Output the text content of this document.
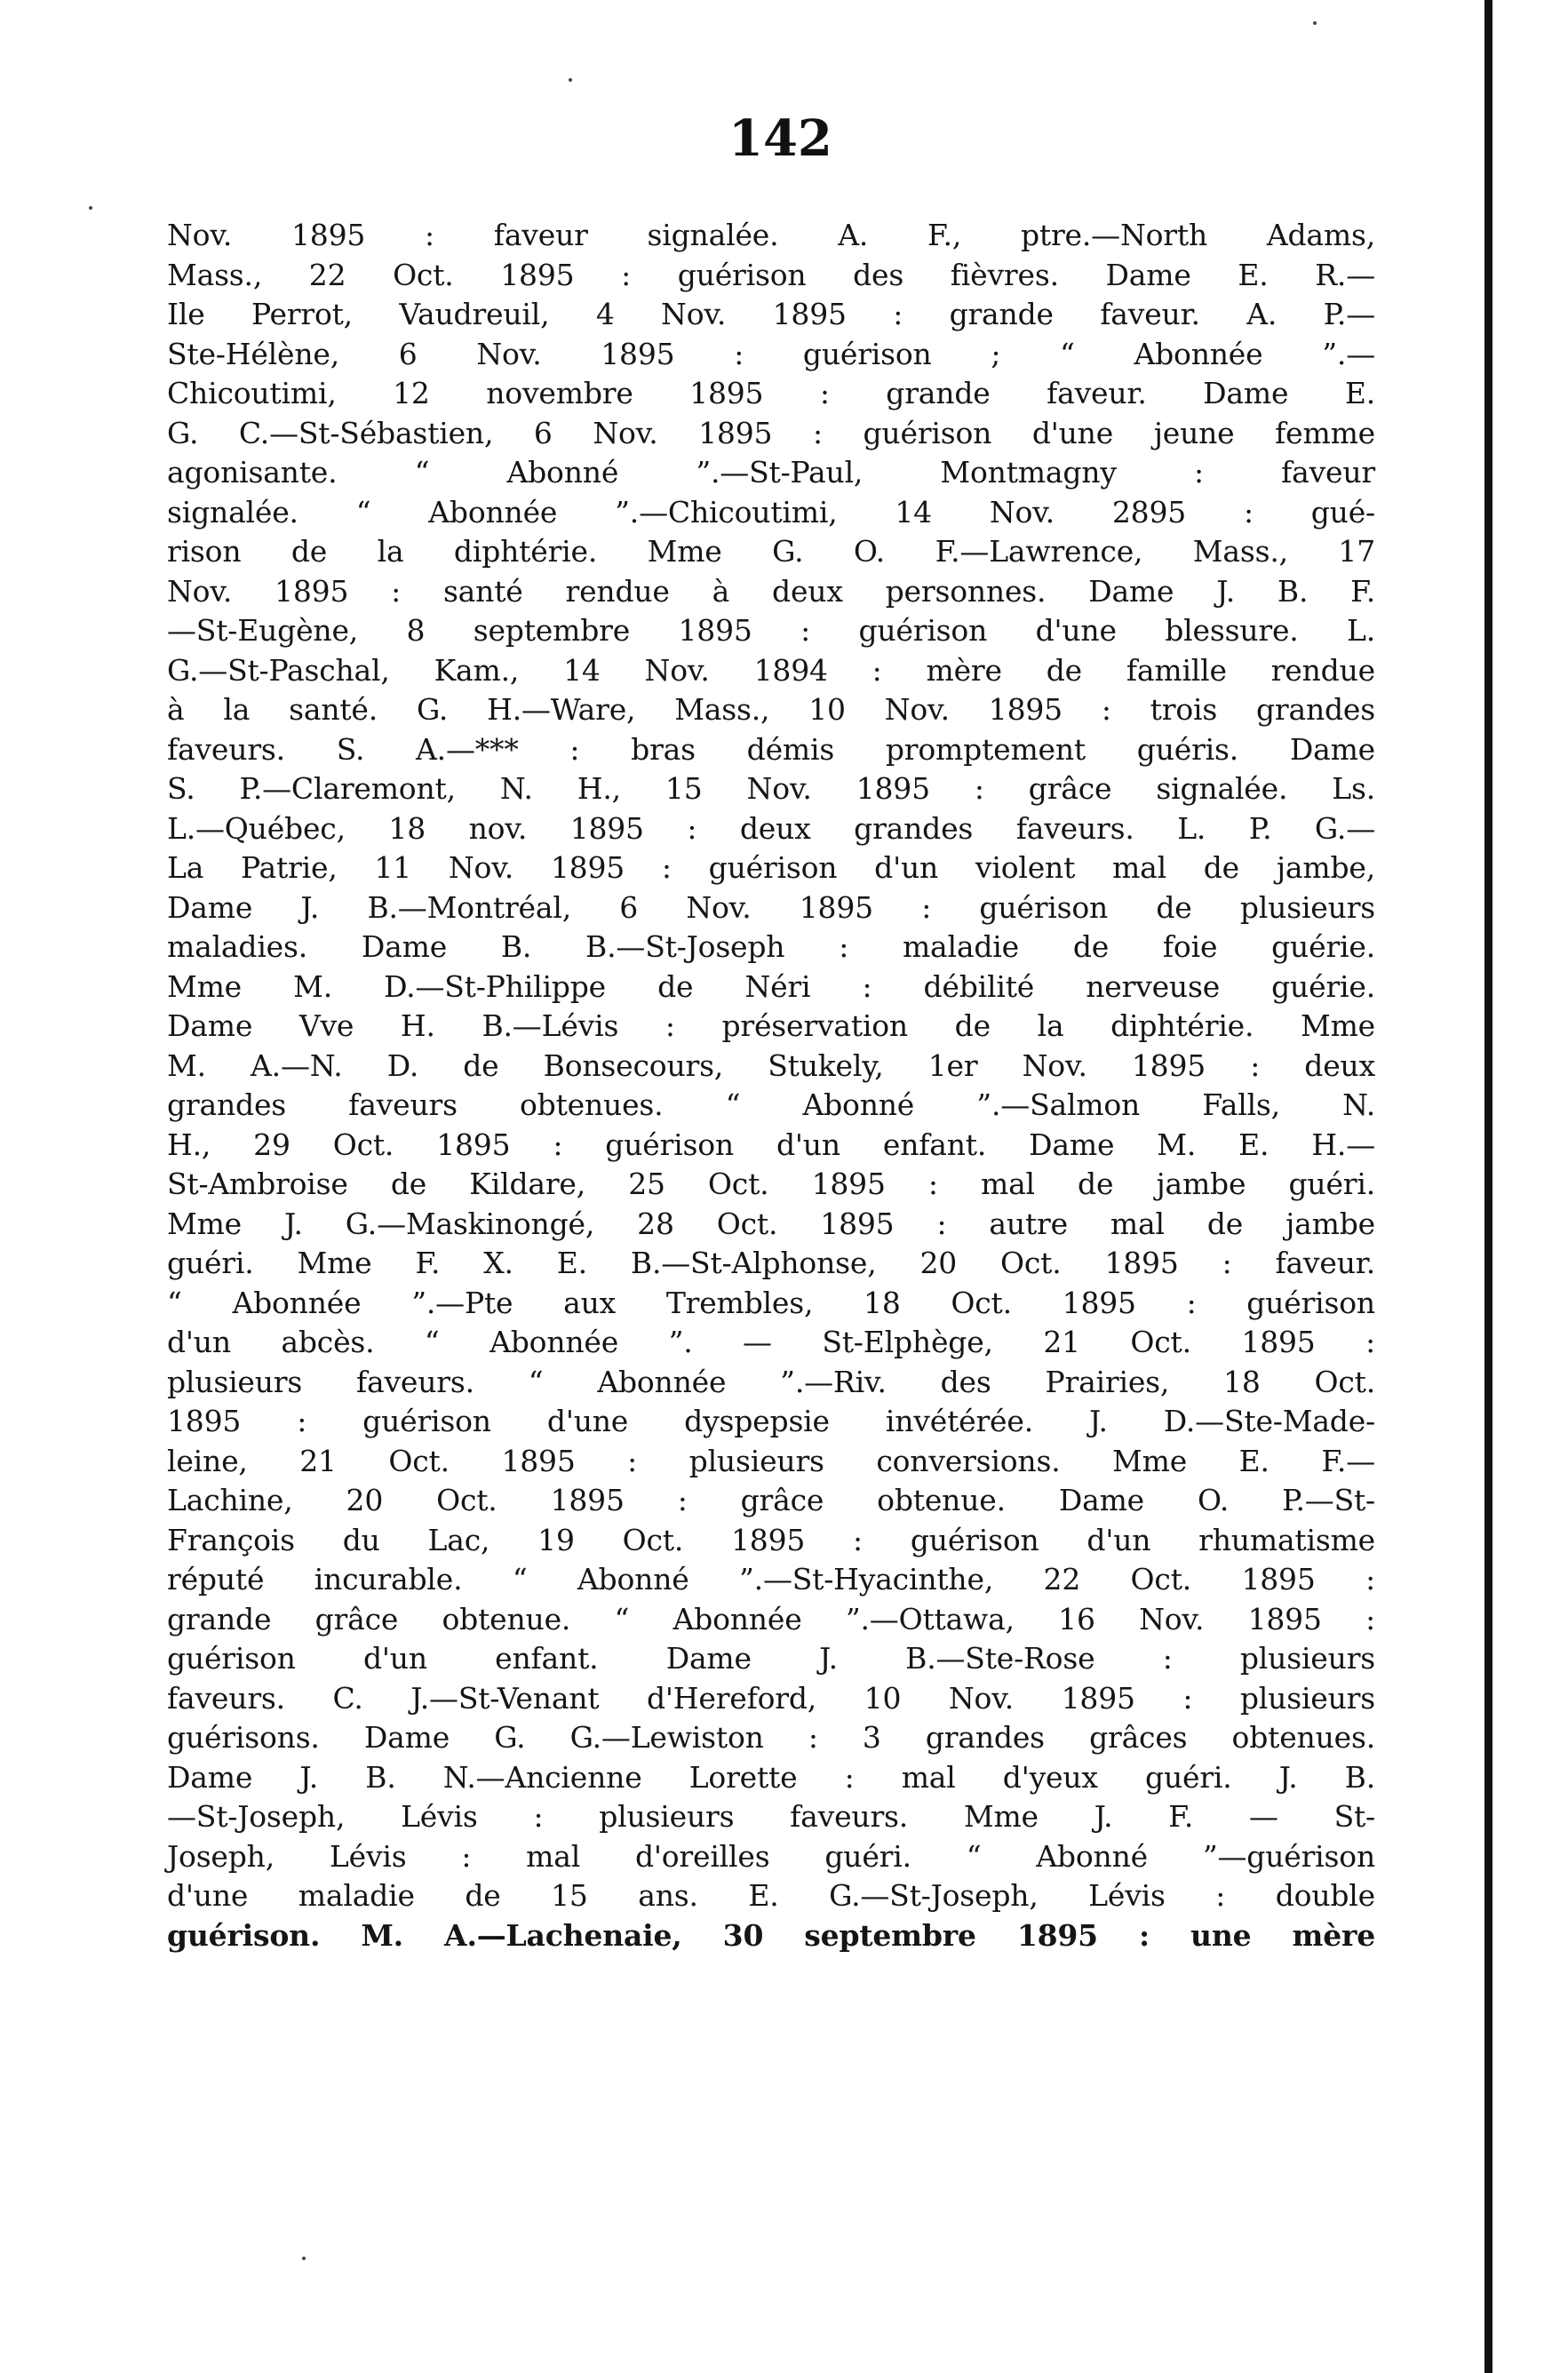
142
Nov. 1895 : faveur signalée. A. F., ptre.—North Adams,
Mass., 22 Oct. 1895 : guérison des fièvres. Dame E. R.—
Ile Perrot, Vaudreuil, 4 Nov. 1895 : grande faveur. A. P.—
Ste-Hélène, 6 Nov. 1895 : guérison ; “ Abonnée ”.—
Chicoutimi, 12 novembre 1895 : grande faveur. Dame E.
G. C.—St-Sébastien, 6 Nov. 1895 : guérison d'une jeune femme
agonisante. “ Abonné ”.—St-Paul, Montmagny : faveur
signalée. “ Abonnée ”.—Chicoutimi, 14 Nov. 2895 : gué-
rison de la diphtérie. Mme G. O. F.—Lawrence, Mass., 17
Nov. 1895 : santé rendue à deux personnes. Dame J. B. F.
—St-Eugène, 8 septembre 1895 : guérison d'une blessure. L.
G.—St-Paschal, Kam., 14 Nov. 1894 : mère de famille rendue
à la santé. G. H.—Ware, Mass., 10 Nov. 1895 : trois grandes
faveurs. S. A.—*** : bras démis promptement guéris. Dame
S. P.—Claremont, N. H., 15 Nov. 1895 : grâce signalée. Ls.
L.—Québec, 18 nov. 1895 : deux grandes faveurs. L. P. G.—
La Patrie, 11 Nov. 1895 : guérison d'un violent mal de jambe,
Dame J. B.—Montréal, 6 Nov. 1895 : guérison de plusieurs
maladies. Dame B. B.—St-Joseph : maladie de foie guérie.
Mme M. D.—St-Philippe de Néri : débilité nerveuse guérie.
Dame Vve H. B.—Lévis : préservation de la diphtérie. Mme
M. A.—N. D. de Bonsecours, Stukely, 1er Nov. 1895 : deux
grandes faveurs obtenues. “ Abonné ”.—Salmon Falls, N.
H., 29 Oct. 1895 : guérison d'un enfant. Dame M. E. H.—
St-Ambroise de Kildare, 25 Oct. 1895 : mal de jambe guéri.
Mme J. G.—Maskinongé, 28 Oct. 1895 : autre mal de jambe
guéri. Mme F. X. E. B.—St-Alphonse, 20 Oct. 1895 : faveur.
“ Abonnée ”.—Pte aux Trembles, 18 Oct. 1895 : guérison
d'un abcès. “ Abonnée ”. — St-Elphège, 21 Oct. 1895 :
plusieurs faveurs. “ Abonnée ”.—Riv. des Prairies, 18 Oct.
1895 : guérison d'une dyspepsie invétérée. J. D.—Ste-Made-
leine, 21 Oct. 1895 : plusieurs conversions. Mme E. F.—
Lachine, 20 Oct. 1895 : grâce obtenue. Dame O. P.—St-
François du Lac, 19 Oct. 1895 : guérison d'un rhumatisme
réputé incurable. “ Abonné ”.—St-Hyacinthe, 22 Oct. 1895 :
grande grâce obtenue. “ Abonnée ”.—Ottawa, 16 Nov. 1895 :
guérison d'un enfant. Dame J. B.—Ste-Rose : plusieurs
faveurs. C. J.—St-Venant d'Hereford, 10 Nov. 1895 : plusieurs
guérisons. Dame G. G.—Lewiston : 3 grandes grâces obtenues.
Dame J. B. N.—Ancienne Lorette : mal d'yeux guéri. J. B.
—St-Joseph, Lévis : plusieurs faveurs. Mme J. F. — St-
Joseph, Lévis : mal d'oreilles guéri. “ Abonné ”—guérison
d'une maladie de 15 ans. E. G.—St-Joseph, Lévis : double
guérison. M. A.—Lachenaie, 30 septembre 1895 : une mère
